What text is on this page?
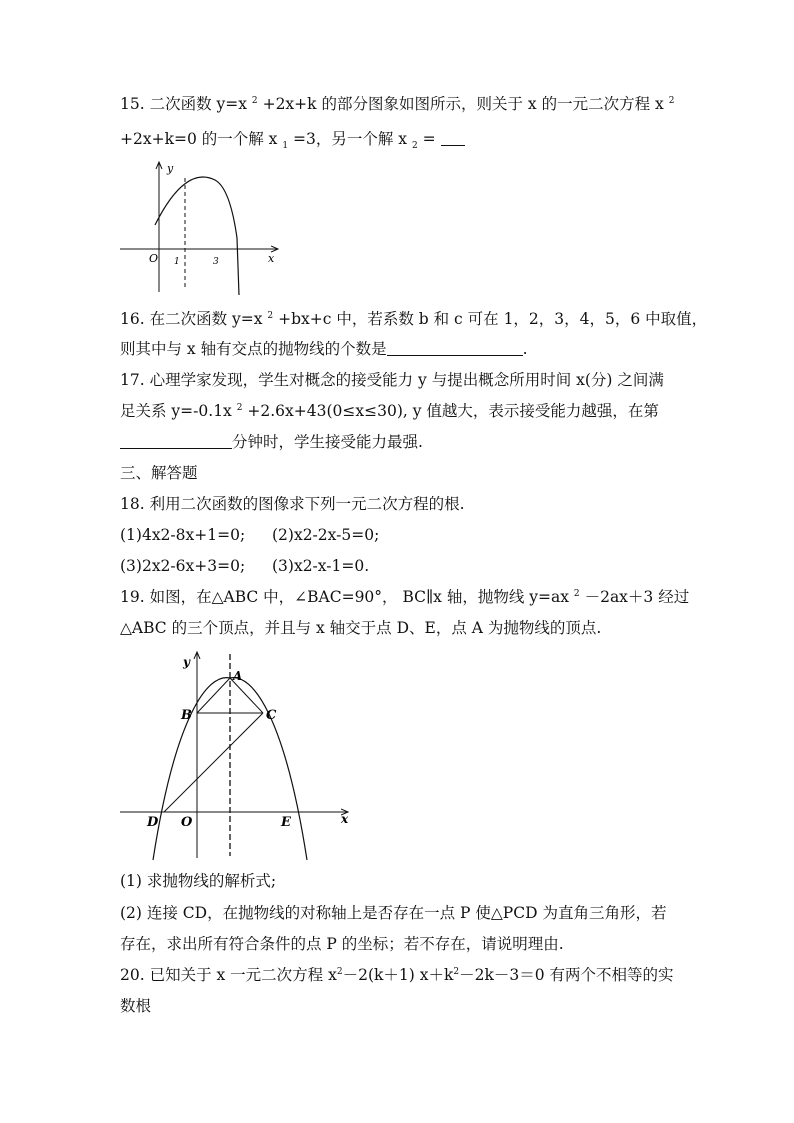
15. 二次函数 y=x $^2$ +2x+k 的部分图象如图所示，则关于 x 的一元二次方程 x $^2$

+2x+k=0 的一个解 x $_1$ =3，另一个解 x $_2$ =

y
x
O 1	3

16. 在二次函数 y=x $^2$ +bx+c 中，若系数 b 和 c 可在 1，2，3，4，5，6 中取值，

则其中与 x 轴有交点的抛物线的个数是	.

17. 心理学家发现，学生对概念的接受能力 y 与提出概念所用时间 x(分) 之间满

足关系 y=-0.1x $^2$ +2.6x+43(0≤x≤30), y 值越大，表示接受能力越强，在第

分钟时，学生接受能力最强.

三、解答题

18. 利用二次函数的图像求下列一元二次方程的根.

(1)4x2-8x+1=0; (2)x2-2x-5=0;

(3)2x2-6x+3=0; (3)x2-x-1=0.

19. 如图，在△ABC 中，∠BAC=90°， BC∥x 轴，抛物线 y=ax $^2$ －2ax＋3 经过

△ABC 的三个顶点，并且与 x 轴交于点 D、E，点 A 为抛物线的顶点.

y
x
A
B	C
D O	E

(1) 求抛物线的解析式;

(2) 连接 CD，在抛物线的对称轴上是否存在一点 P 使△PCD 为直角三角形，若

存在，求出所有符合条件的点 P 的坐标；若不存在，请说明理由.

20. 已知关于 x 一元二次方程 $x^2-2(k+1)$ $x+k^2-2k-3=0$ 有两个不相等的实

数根
